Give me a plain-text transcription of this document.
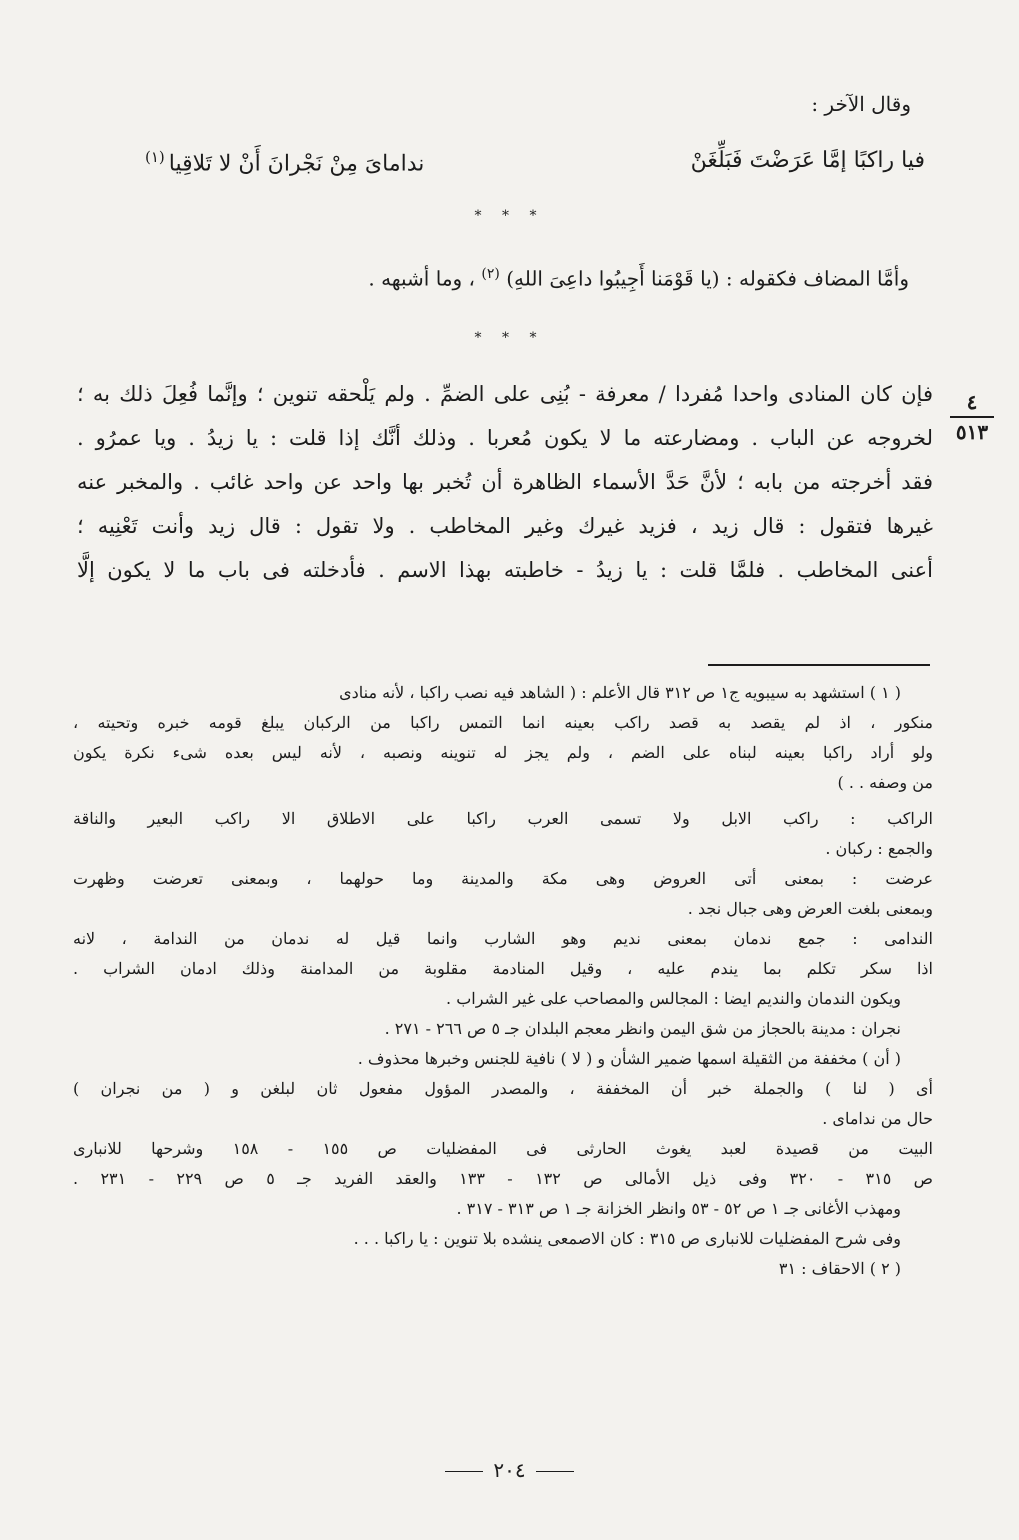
وقال الآخر :
فيا راكبًا إمَّا عَرَضْتَ فَبَلِّغَنْ
نداماىَ مِنْ نَجْرانَ أَنْ لا تَلاقِيا$^{(١)}$
* * *
وأمَّا المضاف فكقوله : (يا قَوْمَنا أَجِيبُوا داعِىَ اللهِ) $^{(٢)}$ ، وما أشبهه .
* * *
٤
٥١٣
فإن كان المنادى واحدا مُفردا / معرفة - بُنِى على الضمِّ . ولم يَلْحقه تنوين ؛ وإنَّما فُعِلَ ذلك به ؛
لخروجه عن الباب . ومضارعته ما لا يكون مُعربا . وذلك أنَّك إذا قلت : يا زيدُ . ويا عمرُو .
فقد أخرجته من بابه ؛ لأنَّ حَدَّ الأسماء الظاهرة أن تُخبر بها واحد عن واحد غائب . والمخبر عنه
غيرها فتقول : قال زيد ، فزيد غيرك وغير المخاطب . ولا تقول : قال زيد وأنت تَعْنِيه ؛
أعنى المخاطب . فلمَّا قلت : يا زيدُ - خاطبته بهذا الاسم . فأدخلته فى باب ما لا يكون إلَّا
( ١ ) استشهد به سيبويه ج١ ص ٣١٢ قال الأعلم : ( الشاهد فيه نصب راكبا ، لأنه منادى
منكور ، اذ لم يقصد به قصد راكب بعينه انما التمس راكبا من الركبان يبلغ قومه خبره وتحيته ،
ولو أراد راكبا بعينه لبناه على الضم ، ولم يجز له تنوينه ونصبه ، لأنه ليس بعده شىء نكرة يكون
من وصفه . . )
الراكب : راكب الابل ولا تسمى العرب راكبا على الاطلاق الا راكب البعير والناقة
والجمع : ركبان .
عرضت : بمعنى أتى العروض وهى مكة والمدينة وما حولهما ، وبمعنى تعرضت وظهرت
وبمعنى بلغت العرض وهى جبال نجد .
الندامى : جمع ندمان بمعنى نديم وهو الشارب وانما قيل له ندمان من الندامة ، لانه
اذا سكر تكلم بما يندم عليه ، وقيل المنادمة مقلوبة من المدامنة وذلك ادمان الشراب .
ويكون الندمان والنديم ايضا : المجالس والمصاحب على غير الشراب .
نجران : مدينة بالحجاز من شق اليمن وانظر معجم البلدان جـ ٥ ص ٢٦٦ - ٢٧١ .
( أن ) مخففة من الثقيلة اسمها ضمير الشأن و ( لا ) نافية للجنس وخبرها محذوف .
أى ( لنا ) والجملة خبر أن المخففة ، والمصدر المؤول مفعول ثان لبلغن و ( من نجران )
حال من نداماى .
البيت من قصيدة لعبد يغوث الحارثى فى المفضليات ص ١٥٥ - ١٥٨ وشرحها للانبارى
ص ٣١٥ - ٣٢٠ وفى ذيل الأمالى ص ١٣٢ - ١٣٣ والعقد الفريد جـ ٥ ص ٢٢٩ - ٢٣١ .
ومهذب الأغانى جـ ١ ص ٥٢ - ٥٣ وانظر الخزانة جـ ١ ص ٣١٣ - ٣١٧ .
وفى شرح المفضليات للانبارى ص ٣١٥ : كان الاصمعى ينشده بلا تنوين : يا راكبا . . .
( ٢ ) الاحقاف : ٣١
٢٠٤
